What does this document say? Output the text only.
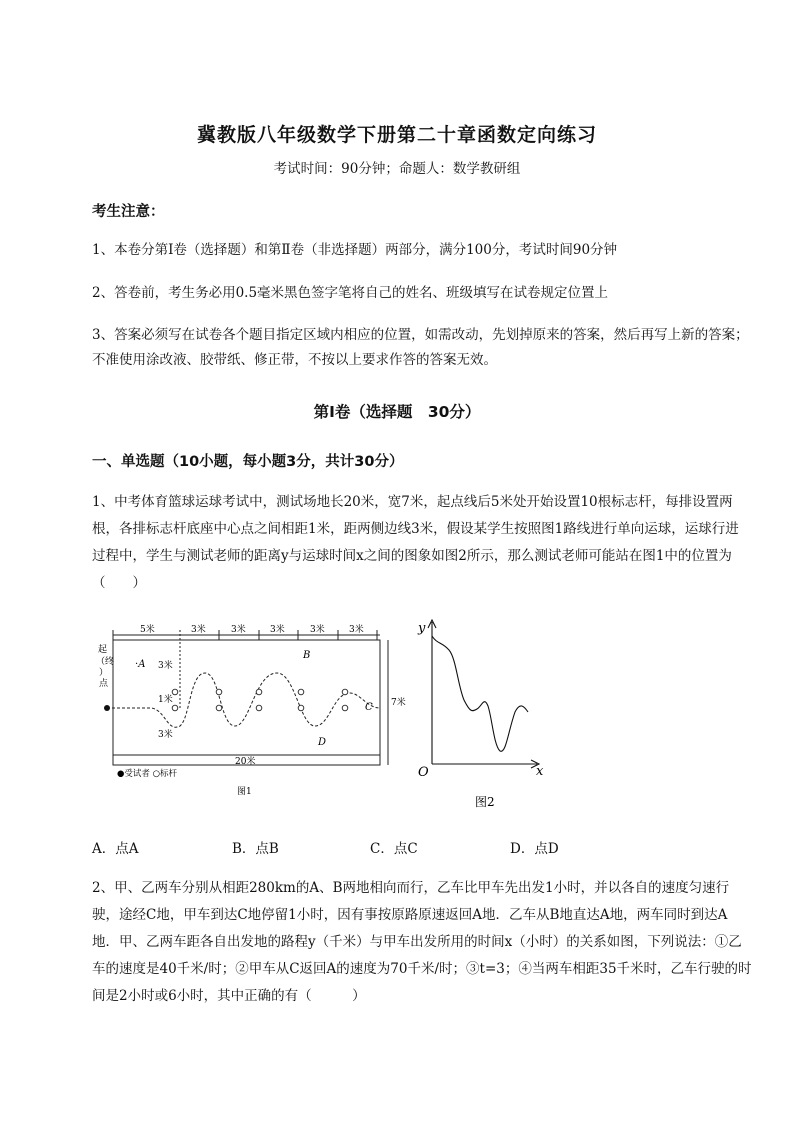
冀教版八年级数学下册第二十章函数定向练习
考试时间：90分钟；命题人：数学教研组
考生注意：
1、本卷分第I卷（选择题）和第Ⅱ卷（非选择题）两部分，满分100分，考试时间90分钟
2、答卷前，考生务必用0.5毫米黑色签字笔将自己的姓名、班级填写在试卷规定位置上
3、答案必须写在试卷各个题目指定区域内相应的位置，如需改动，先划掉原来的答案，然后再写上新的答案；不准使用涂改液、胶带纸、修正带，不按以上要求作答的答案无效。
第I卷（选择题　30分）
一、单选题（10小题，每小题3分，共计30分）
1、中考体育篮球运球考试中，测试场地长20米，宽7米，起点线后5米处开始设置10根标志杆，每排设置两根，各排标志杆底座中心点之间相距1米，距两侧边线3米，假设某学生按照图1路线进行单向运球，运球行进过程中，学生与测试老师的距离y与运球时间x之间的图象如图2所示，那么测试老师可能站在图1中的位置为（　　）
起
（终
）
点
5米	3米	3米	3米	3米	3米
3米
1米
3米
7米
20米
·A
B
C
D
●受试者 ○标杆
图1
y
O	x
图2
A．点A	B．点B	C．点C	D．点D
2、甲、乙两车分别从相距280km的A、B两地相向而行，乙车比甲车先出发1小时，并以各自的速度匀速行驶，途经C地，甲车到达C地停留1小时，因有事按原路原速返回A地．乙车从B地直达A地，两车同时到达A地．甲、乙两车距各自出发地的路程y（千米）与甲车出发所用的时间x（小时）的关系如图，下列说法：①乙车的速度是40千米/时；②甲车从C返回A的速度为70千米/时；③t=3；④当两车相距35千米时，乙车行驶的时间是2小时或6小时，其中正确的有（　　　）
